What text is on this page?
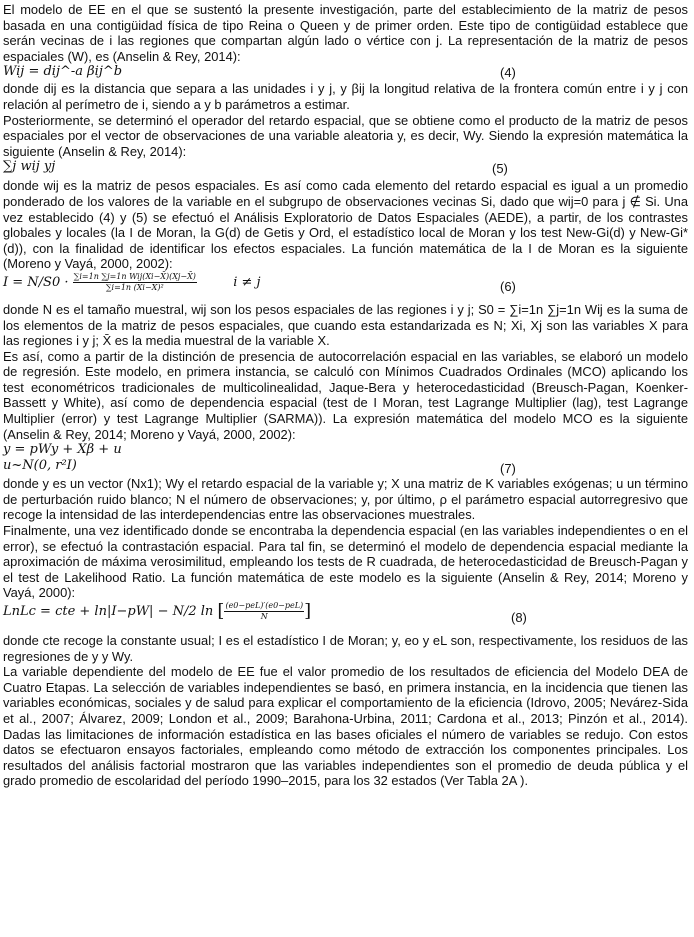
El modelo de EE en el que se sustentó la presente investigación, parte del establecimiento de la matriz de pesos basada en una contigüidad física de tipo Reina o Queen y de primer orden. Este tipo de contigüidad establece que serán vecinas de i las regiones que compartan algún lado o vértice con j. La representación de la matriz de pesos espaciales (W), es (Anselin & Rey, 2014):

Wij = dij^-a βij^b	(4)

donde dij es la distancia que separa a las unidades i y j, y βij la longitud relativa de la frontera común entre i y j con relación al perímetro de i, siendo a y b parámetros a estimar.

Posteriormente, se determinó el operador del retardo espacial, que se obtiene como el producto de la matriz de pesos espaciales por el vector de observaciones de una variable aleatoria y, es decir, Wy. Siendo la expresión matemática la siguiente (Anselin & Rey, 2014):

∑j wij yj	(5)

donde wij es la matriz de pesos espaciales. Es así como cada elemento del retardo espacial es igual a un promedio ponderado de los valores de la variable en el subgrupo de observaciones vecinas Si, dado que wij=0 para j ∉ Si. Una vez establecido (4) y (5) se efectuó el Análisis Exploratorio de Datos Espaciales (AEDE), a partir, de los contrastes globales y locales (la I de Moran, la G(d) de Getis y Ord, el estadístico local de Moran y los test New-Gi(d) y New-Gi*(d)), con la finalidad de identificar los efectos espaciales. La función matemática de la I de Moran es la siguiente (Moreno y Vayá, 2000, 2002):

$I = N/S0 \cdot \frac{\text{∑i=1n ∑j=1n Wij(Xi−X̄)(Xj−X̄)}}{\text{∑i=1n (Xi−X̄)²}}$	i ≠ j	(6)

donde N es el tamaño muestral, wij son los pesos espaciales de las regiones i y j; S0 = ∑i=1n ∑j=1n Wij es la suma de los elementos de la matriz de pesos espaciales, que cuando esta estandarizada es N; Xi, Xj son las variables X para las regiones i y j; X̄ es la media muestral de la variable X.

Es así, como a partir de la distinción de presencia de autocorrelación espacial en las variables, se elaboró un modelo de regresión. Este modelo, en primera instancia, se calculó con Mínimos Cuadrados Ordinales (MCO) aplicando los test econométricos tradicionales de multicolinealidad, Jaque-Bera y heterocedasticidad (Breusch-Pagan, Koenker-Bassett y White), así como de dependencia espacial (test de I Moran, test Lagrange Multiplier (lag), test Lagrange Multiplier (error) y test Lagrange Multiplier (SARMA)). La expresión matemática del modelo MCO es la siguiente (Anselin & Rey, 2014; Moreno y Vayá, 2000, 2002):

y = pWy + Xβ + u
u~N(0, r²I)	(7)

donde y es un vector (Nx1); Wy el retardo espacial de la variable y; X una matriz de K variables exógenas; u un término de perturbación ruido blanco; N el número de observaciones; y, por último, ρ el parámetro espacial autorregresivo que recoge la intensidad de las interdependencias entre las observaciones muestrales.

Finalmente, una vez identificado donde se encontraba la dependencia espacial (en las variables independientes o en el error), se efectuó la contrastación espacial. Para tal fin, se determinó el modelo de dependencia espacial mediante la aproximación de máxima verosimilitud, empleando los tests de R cuadrada, de heterocedasticidad de Breusch-Pagan y el test de Lakelihood Ratio. La función matemática de este modelo es la siguiente (Anselin & Rey, 2014; Moreno y Vayá, 2000):

LnLc = cte + ln|I−pW| − N/2 ln [ $\frac{\text{(e0−peL)′(e0−peL)}}{N}$ ]	(8)

donde cte recoge la constante usual; I es el estadístico I de Moran; y, eo y eL son, respectivamente, los residuos de las regresiones de y y Wy.

La variable dependiente del modelo de EE fue el valor promedio de los resultados de eficiencia del Modelo DEA de Cuatro Etapas. La selección de variables independientes se basó, en primera instancia, en la incidencia que tienen las variables económicas, sociales y de salud para explicar el comportamiento de la eficiencia (Idrovo, 2005; Nevárez-Sida et al., 2007; Álvarez, 2009; London et al., 2009; Barahona-Urbina, 2011; Cardona et al., 2013; Pinzón et al., 2014). Dadas las limitaciones de información estadística en las bases oficiales el número de variables se redujo. Con estos datos se efectuaron ensayos factoriales, empleando como método de extracción los componentes principales. Los resultados del análisis factorial mostraron que las variables independientes son el promedio de deuda pública y el grado promedio de escolaridad del período 1990–2015, para los 32 estados (Ver Tabla 2A ).
